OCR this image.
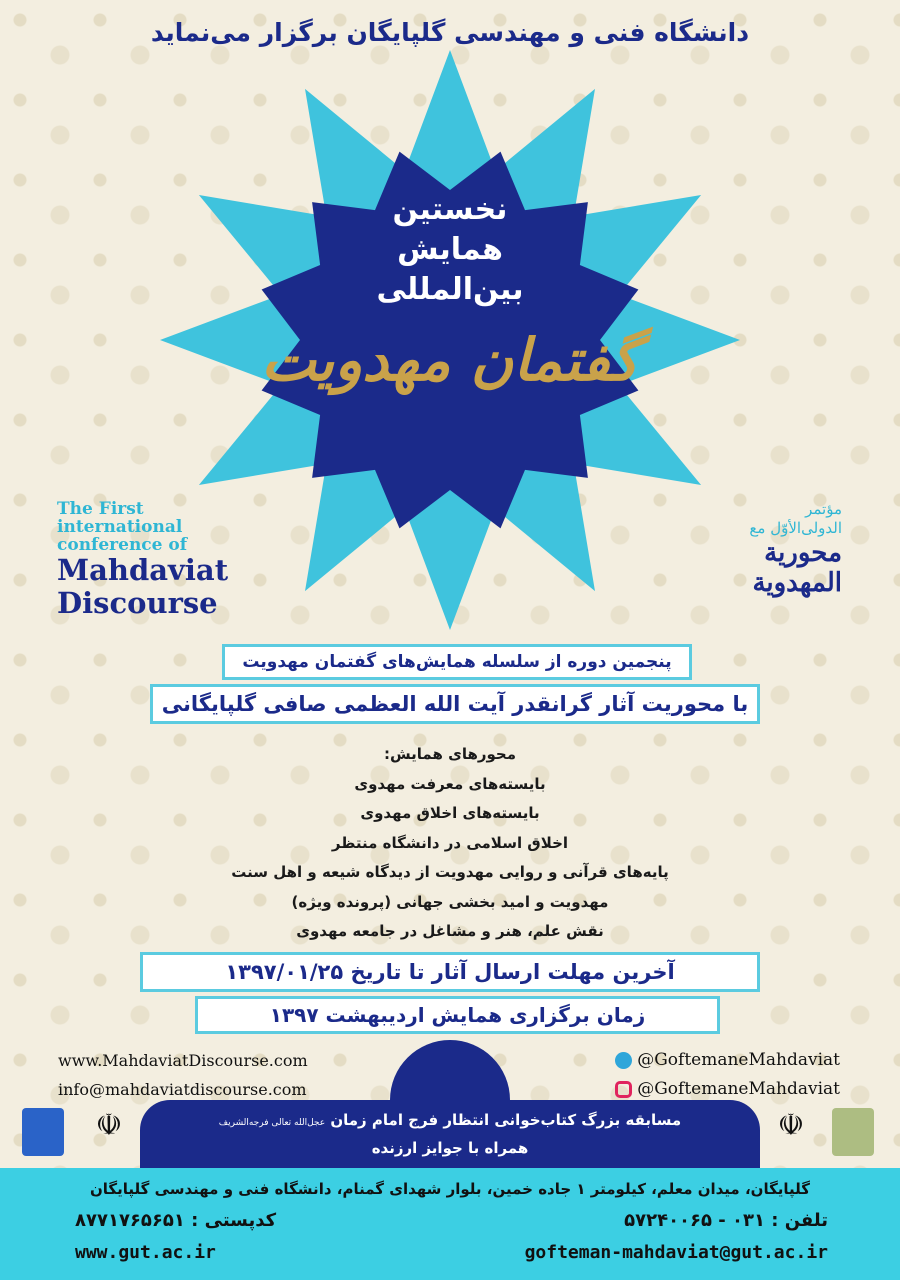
دانشگاه فنی و مهندسی گلپایگان برگزار می‌نماید
نخستین
همایش
بین‌المللی
گفتمان مهدویت
The First
international
conference of
Mahdaviat
Discourse
مؤتمر
الدولی‌الأوّل مع
محوریة
المهدویة
پنجمین دوره از سلسله همایش‌های گفتمان مهدویت
با محوریت آثار گرانقدر آیت الله العظمی صافی گلپایگانی
محورهای همایش:
بایسته‌های معرفت مهدوی
بایسته‌های اخلاق مهدوی
اخلاق اسلامی در دانشگاه منتظر
پایه‌های قرآنی و روایی مهدویت از دیدگاه شیعه و اهل سنت
مهدویت و امید بخشی جهانی (پرونده ویژه)
نقش علم، هنر و مشاغل در جامعه مهدوی
آخرین مهلت ارسال آثار تا تاریخ ۱۳۹۷/۰۱/۲۵
زمان برگزاری همایش اردیبهشت ۱۳۹۷
www.MahdaviatDiscourse.com
info@mahdaviatdiscourse.com
@GoftemaneMahdaviat
@GoftemaneMahdaviat
مسابقه بزرگ کتاب‌خوانی انتظار فرج امام زمان عجل‌الله تعالی فرجه‌الشریف
همراه با جوایز ارزنده
☫	☫
گلپایگان، میدان معلم، کیلومتر ۱ جاده خمین، بلوار شهدای گمنام، دانشگاه فنی و مهندسی گلپایگان
تلفن : ۰۳۱ - ۵۷۲۴۰۰۶۵
کدپستی : ۸۷۷۱۷۶۵۶۵۱
gofteman-mahdaviat@gut.ac.ir
www.gut.ac.ir
